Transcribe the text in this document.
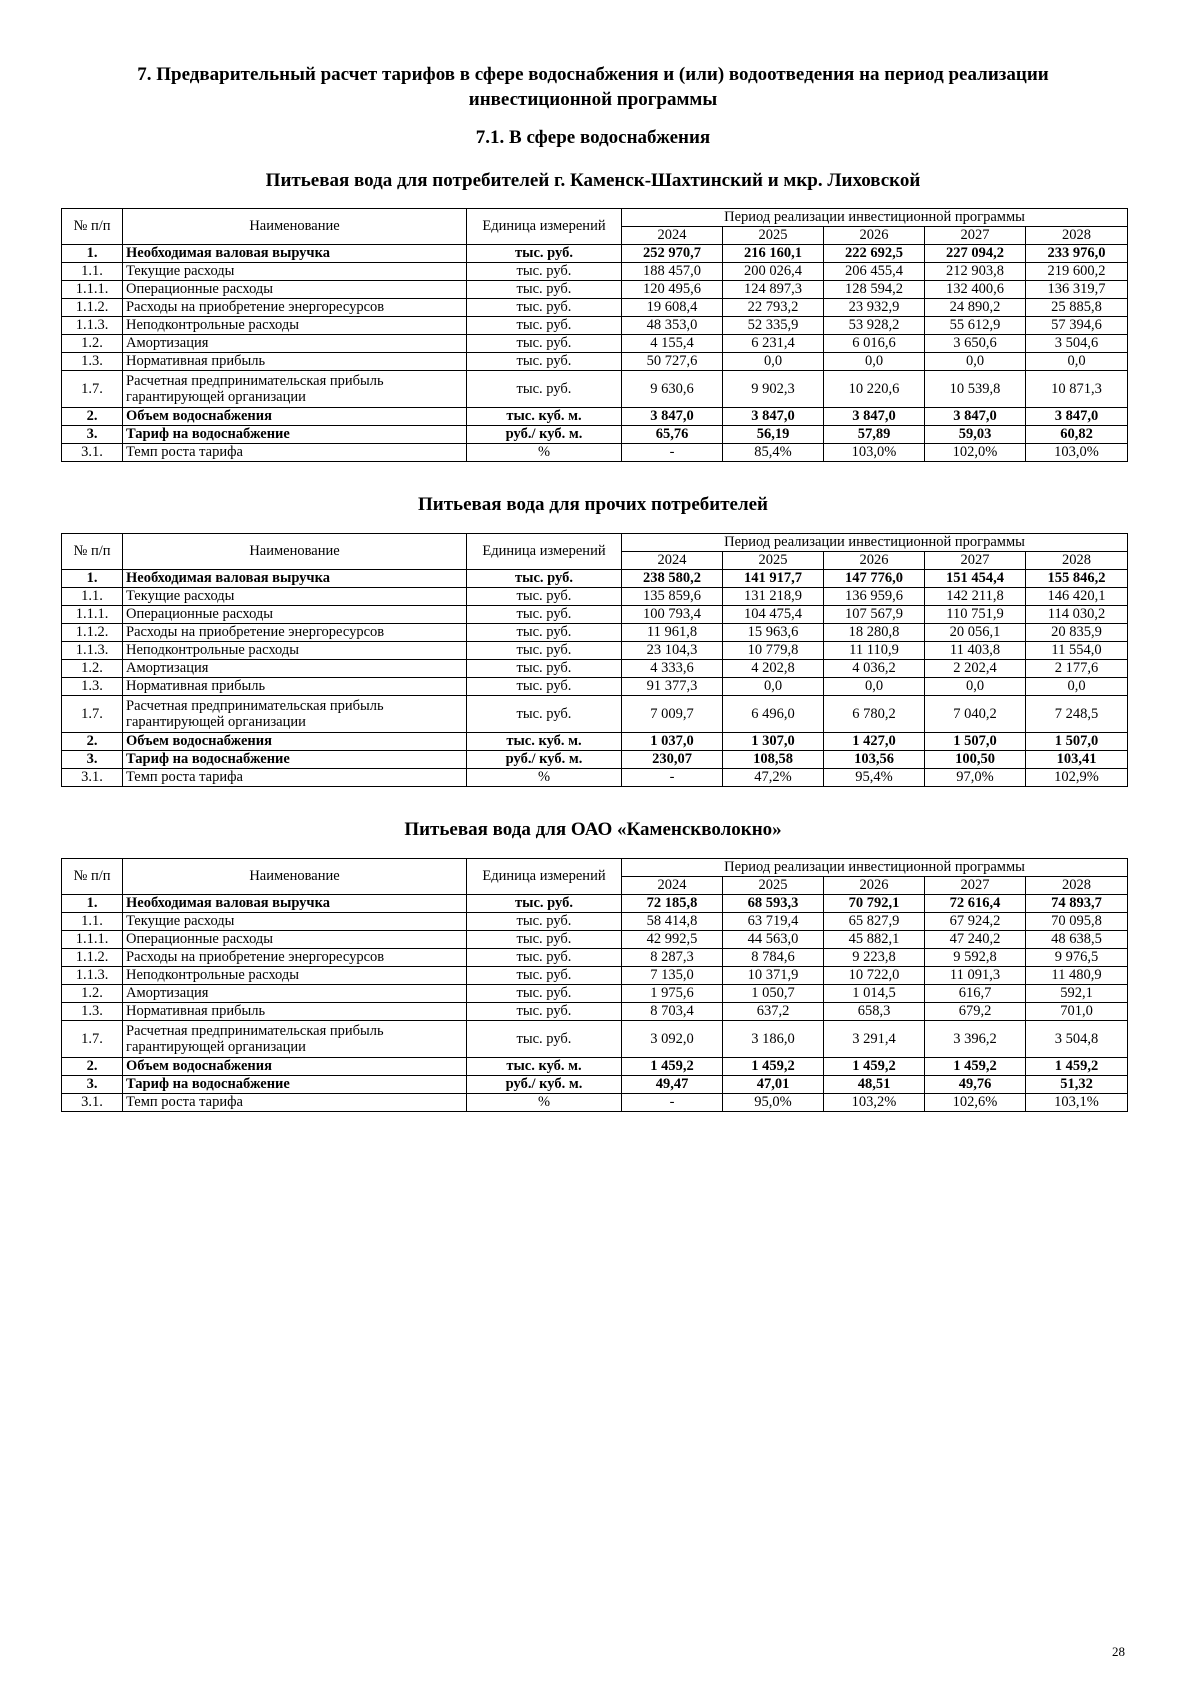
7. Предварительный расчет тарифов в сфере водоснабжения и (или) водоотведения на период реализации
инвестиционной программы
7.1. В сфере водоснабжения
Питьевая вода для потребителей г. Каменск-Шахтинский и мкр. Лиховской
№ п/п	Наименование	Единица измерений	Период реализации инвестиционной программы				
			2024	2025	2026	2027	2028
1.	Необходимая валовая выручка	тыс. руб.	252 970,7	216 160,1	222 692,5	227 094,2	233 976,0
1.1.	Текущие расходы	тыс. руб.	188 457,0	200 026,4	206 455,4	212 903,8	219 600,2
1.1.1.	Операционные расходы	тыс. руб.	120 495,6	124 897,3	128 594,2	132 400,6	136 319,7
1.1.2.	Расходы на приобретение энергоресурсов	тыс. руб.	19 608,4	22 793,2	23 932,9	24 890,2	25 885,8
1.1.3.	Неподконтрольные расходы	тыс. руб.	48 353,0	52 335,9	53 928,2	55 612,9	57 394,6
1.2.	Амортизация	тыс. руб.	4 155,4	6 231,4	6 016,6	3 650,6	3 504,6
1.3.	Нормативная прибыль	тыс. руб.	50 727,6	0,0	0,0	0,0	0,0
1.7.	Расчетная предпринимательская прибыль гарантирующей организации	тыс. руб.	9 630,6	9 902,3	10 220,6	10 539,8	10 871,3
2.	Объем водоснабжения	тыс. куб. м.	3 847,0	3 847,0	3 847,0	3 847,0	3 847,0
3.	Тариф на водоснабжение	руб./ куб. м.	65,76	56,19	57,89	59,03	60,82
3.1.	Темп роста тарифа	%	-	85,4%	103,0%	102,0%	103,0%
Питьевая вода для прочих потребителей
№ п/п	Наименование	Единица измерений	Период реализации инвестиционной программы				
			2024	2025	2026	2027	2028
1.	Необходимая валовая выручка	тыс. руб.	238 580,2	141 917,7	147 776,0	151 454,4	155 846,2
1.1.	Текущие расходы	тыс. руб.	135 859,6	131 218,9	136 959,6	142 211,8	146 420,1
1.1.1.	Операционные расходы	тыс. руб.	100 793,4	104 475,4	107 567,9	110 751,9	114 030,2
1.1.2.	Расходы на приобретение энергоресурсов	тыс. руб.	11 961,8	15 963,6	18 280,8	20 056,1	20 835,9
1.1.3.	Неподконтрольные расходы	тыс. руб.	23 104,3	10 779,8	11 110,9	11 403,8	11 554,0
1.2.	Амортизация	тыс. руб.	4 333,6	4 202,8	4 036,2	2 202,4	2 177,6
1.3.	Нормативная прибыль	тыс. руб.	91 377,3	0,0	0,0	0,0	0,0
1.7.	Расчетная предпринимательская прибыль гарантирующей организации	тыс. руб.	7 009,7	6 496,0	6 780,2	7 040,2	7 248,5
2.	Объем водоснабжения	тыс. куб. м.	1 037,0	1 307,0	1 427,0	1 507,0	1 507,0
3.	Тариф на водоснабжение	руб./ куб. м.	230,07	108,58	103,56	100,50	103,41
3.1.	Темп роста тарифа	%	-	47,2%	95,4%	97,0%	102,9%
Питьевая вода для ОАО «Каменскволокно»
№ п/п	Наименование	Единица измерений	Период реализации инвестиционной программы				
			2024	2025	2026	2027	2028
1.	Необходимая валовая выручка	тыс. руб.	72 185,8	68 593,3	70 792,1	72 616,4	74 893,7
1.1.	Текущие расходы	тыс. руб.	58 414,8	63 719,4	65 827,9	67 924,2	70 095,8
1.1.1.	Операционные расходы	тыс. руб.	42 992,5	44 563,0	45 882,1	47 240,2	48 638,5
1.1.2.	Расходы на приобретение энергоресурсов	тыс. руб.	8 287,3	8 784,6	9 223,8	9 592,8	9 976,5
1.1.3.	Неподконтрольные расходы	тыс. руб.	7 135,0	10 371,9	10 722,0	11 091,3	11 480,9
1.2.	Амортизация	тыс. руб.	1 975,6	1 050,7	1 014,5	616,7	592,1
1.3.	Нормативная прибыль	тыс. руб.	8 703,4	637,2	658,3	679,2	701,0
1.7.	Расчетная предпринимательская прибыль гарантирующей организации	тыс. руб.	3 092,0	3 186,0	3 291,4	3 396,2	3 504,8
2.	Объем водоснабжения	тыс. куб. м.	1 459,2	1 459,2	1 459,2	1 459,2	1 459,2
3.	Тариф на водоснабжение	руб./ куб. м.	49,47	47,01	48,51	49,76	51,32
3.1.	Темп роста тарифа	%	-	95,0%	103,2%	102,6%	103,1%
28
